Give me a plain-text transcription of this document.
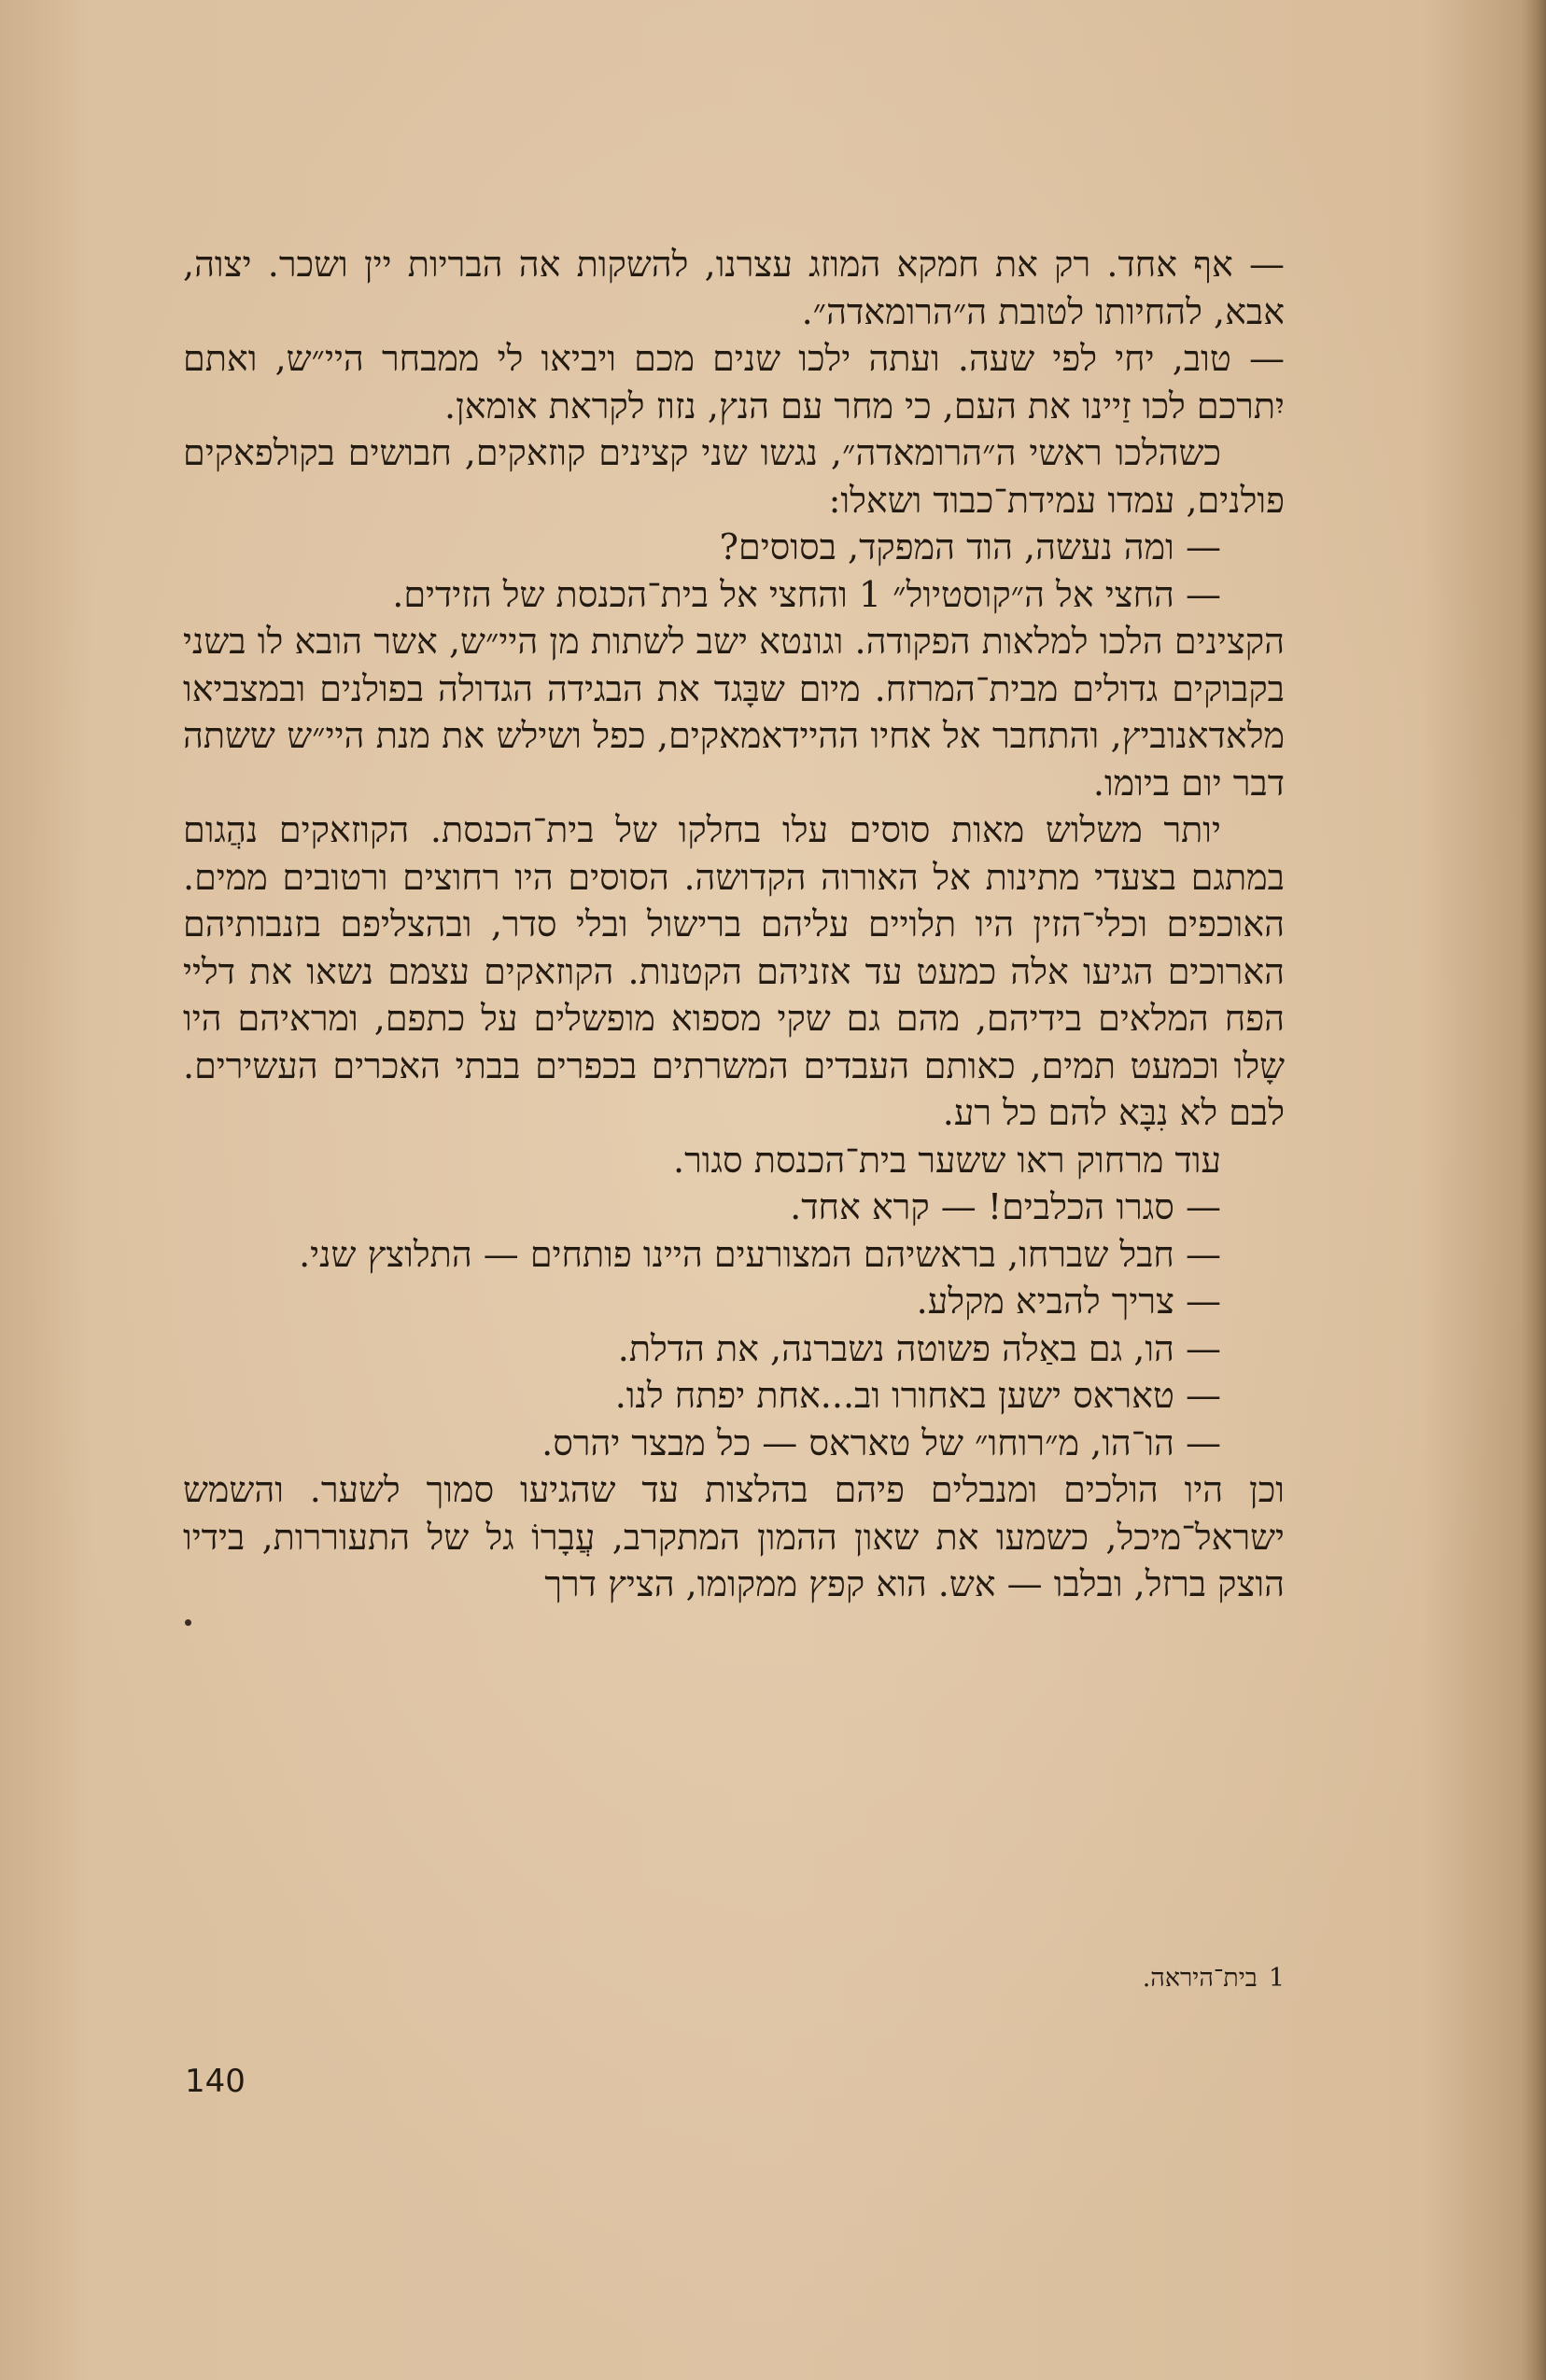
— אף אחד. רק את חמקא המוזג עצרנו, להשקות אה הבריות יין ושכר. יצוה, אבא, להחיותו לטובת ה״הרומאדה״.

— טוב, יחי לפי שעה. ועתה ילכו שנים מכם ויביאו לי ממבחר היי״ש, ואתם יִתרכם לכו זַיינו את העם, כי מחר עם הנץ, נזוז לקראת אומאן.

כשהלכו ראשי ה״הרומאדה״, נגשו שני קצינים קוזאקים, חבושים בקולפאקים פולנים, עמדו עמידת־כבוד ושאלו:

— ומה נעשה, הוד המפקד, בסוסים?

— החצי אל ה״קוסטיול״ 1 והחצי אל בית־הכנסת של הזידים.

הקצינים הלכו למלאות הפקודה. וגונטא ישב לשתות מן היי״ש, אשר הובא לו בשני בקבוקים גדולים מבית־המרזח. מיום שבָּגד את הבגידה הגדולה בפולנים ובמצביאו מלאדאנוביץ, והתחבר אל אחיו ההיידאמאקים, כפל ושילש את מנת היי״ש ששתה דבר יום ביומו.

יותר משלוש מאות סוסים עלו בחלקו של בית־הכנסת. הקוזאקים נהֲגום במתגם בצעדי מתינות אל האורוה הקדושה. הסוסים היו רחוצים ורטובים ממים. האוכפים וכלי־הזין היו תלויים עליהם ברישול ובלי סדר, ובהצליפם בזנבותיהם הארוכים הגיעו אלה כמעט עד אזניהם הקטנות. הקוזאקים עצמם נשאו את דליי הפח המלאים בידיהם, מהם גם שקי מספוא מופשלים על כתפם, ומראיהם היו שָלו וכמעט תמים, כאותם העבדים המשרתים בכפרים בבתי האכרים העשירים. לבם לא נִבָּא להם כל רע.

עוד מרחוק ראו ששער בית־הכנסת סגור.

— סגרו הכלבים! — קרא אחד.

— חבל שברחו, בראשיהם המצורעים היינו פותחים — התלוצץ שני.

— צריך להביא מקלע.

— הו, גם באַלה פשוטה נשברנה, את הדלת.

— טאראס ישען באחורו וב...אחת יפתח לנו.

— הו־הו, מ״רוחו״ של טאראס — כל מבצר יהרס.

וכן היו הולכים ומנבלים פיהם בהלצות עד שהגיעו סמוך לשער. והשמש ישראל־מיכל, כשמעו את שאון ההמון המתקרב, עֲבָרוֹ גל של התעוררות, בידיו הוצק ברזל, ובלבו — אש. הוא קפץ ממקומו, הציץ דרך

1בית־היראה.
140
